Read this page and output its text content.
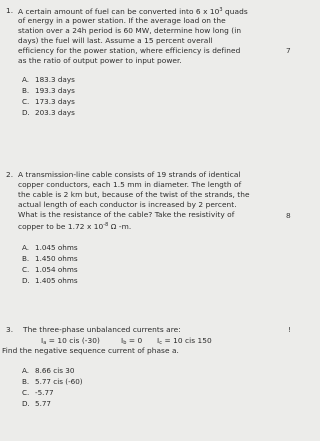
1. A certain amount of fuel can be converted into 6 x $10^3$ quads
of energy in a power station. If the average load on the
station over a 24h period is 60 MW, determine how long (in
days) the fuel will last. Assume a 15 percent overall
efficiency for the power station, where efficiency is defined
as the ratio of output power to input power.
7
A. 183.3 days
B. 193.3 days
C. 173.3 days
D. 203.3 days
2. A transmission-line cable consists of 19 strands of identical
copper conductors, each 1.5 mm in diameter. The length of
the cable is 2 km but, because of the twist of the strands, the
actual length of each conductor is increased by 2 percent.
What is the resistance of the cable? Take the resistivity of
copper to be 1.72 x $10^{-8}$ Ω -m.
8
A. 1.045 ohms
B. 1.450 ohms
C. 1.054 ohms
D. 1.405 ohms
3. The three-phase unbalanced currents are:	!
$I_a = 10$ cis (-30)	$I_b = 0$ $I_c = 10$ cis 150
Find the negative sequence current of phase a.
A. 8.66 cis 30
B. 5.77 cis (-60)
C. -5.77
D. 5.77
